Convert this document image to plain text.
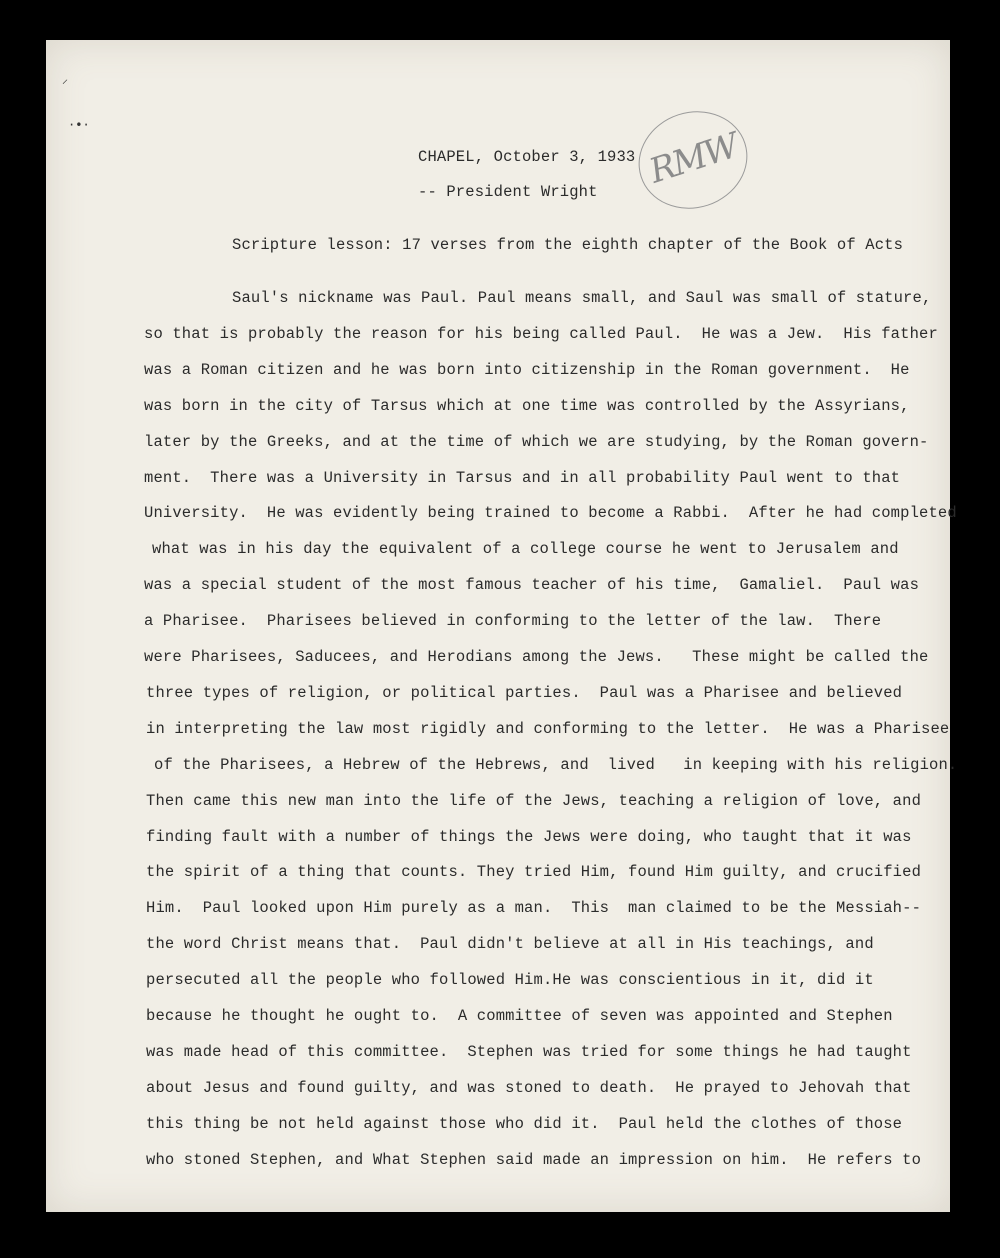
⸝
·•·
CHAPEL, October 3, 1933
-- President Wright
RMW
Scripture lesson: 17 verses from the eighth chapter of the Book of Acts
Saul's nickname was Paul. Paul means small, and Saul was small of stature,
so that is probably the reason for his being called Paul.  He was a Jew.  His father
was a Roman citizen and he was born into citizenship in the Roman government.  He
was born in the city of Tarsus which at one time was controlled by the Assyrians,
later by the Greeks, and at the time of which we are studying, by the Roman govern-
ment.  There was a University in Tarsus and in all probability Paul went to that
University.  He was evidently being trained to become a Rabbi.  After he had completed
what was in his day the equivalent of a college course he went to Jerusalem and
was a special student of the most famous teacher of his time,  Gamaliel.  Paul was
a Pharisee.  Pharisees believed in conforming to the letter of the law.  There
were Pharisees, Saducees, and Herodians among the Jews.   These might be called the
three types of religion, or political parties.  Paul was a Pharisee and believed
in interpreting the law most rigidly and conforming to the letter.  He was a Pharisee
of the Pharisees, a Hebrew of the Hebrews, and  lived   in keeping with his religion.
Then came this new man into the life of the Jews, teaching a religion of love, and
finding fault with a number of things the Jews were doing, who taught that it was
the spirit of a thing that counts. They tried Him, found Him guilty, and crucified
Him.  Paul looked upon Him purely as a man.  This  man claimed to be the Messiah--
the word Christ means that.  Paul didn't believe at all in His teachings, and
persecuted all the people who followed Him.He was conscientious in it, did it
because he thought he ought to.  A committee of seven was appointed and Stephen
was made head of this committee.  Stephen was tried for some things he had taught
about Jesus and found guilty, and was stoned to death.  He prayed to Jehovah that
this thing be not held against those who did it.  Paul held the clothes of those
who stoned Stephen, and What Stephen said made an impression on him.  He refers to
